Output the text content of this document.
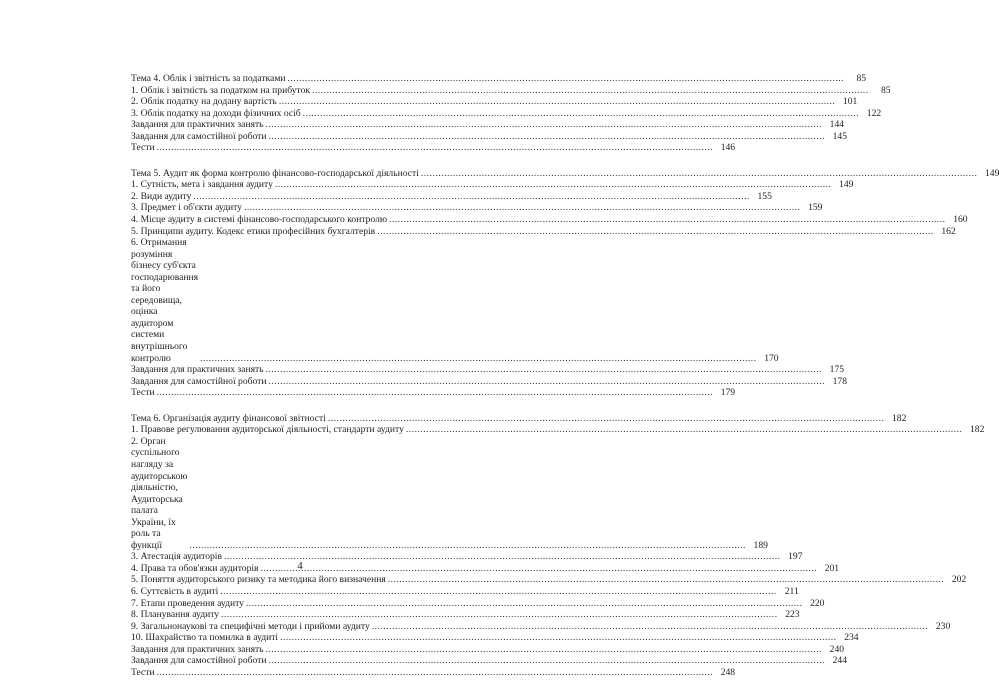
Тема 4. Облік і звітність за податками .....	85
1. Облік і звітність за податком на прибуток .....	85
2. Облік податку на додану вартість .....	101
3. Облік податку на доходи фізичних осіб .....	122
Завдання для практичних занять .....	144
Завдання для самостійної роботи .....	145
Тести .....	146
Тема 5. Аудит як форма контролю фінансово-господарської діяльності .....	149
1. Сутність, мета і завдання аудиту .....	149
2. Види аудиту .....	155
3. Предмет і об'єкти аудиту .....	159
4. Місце аудиту в системі фінансово-господарського контролю .....	160
5. Принципи аудиту. Кодекс етики професійних бухгалтерів .....	162
6. Отримання розуміння бізнесу суб'єкта господарювання та його середовища, оцінка аудитором системи внутрішнього контролю .....	170
Завдання для практичних занять .....	175
Завдання для самостійної роботи .....	178
Тести .....	179
Тема 6. Організація аудиту фінансової звітності .....	182
1. Правове регулювання аудиторської діяльності, стандарти аудиту .....	182
2. Орган суспільного нагляду за аудиторською діяльністю, Аудиторська палата України, їх роль та функції .....	189
3. Атестація аудиторів .....	197
4. Права та обов'язки аудиторів .....	201
5. Поняття аудиторського ризику та методика його визначення .....	202
6. Суттєвість в аудиті .....	211
7. Етапи проведення аудиту .....	220
8. Планування аудиту .....	223
9. Загальнонаукові та специфічні методи і прийоми аудиту .....	230
10. Шахрайство та помилка в аудиті .....	234
Завдання для практичних занять .....	240
Завдання для самостійної роботи .....	244
Тести .....	248
4
